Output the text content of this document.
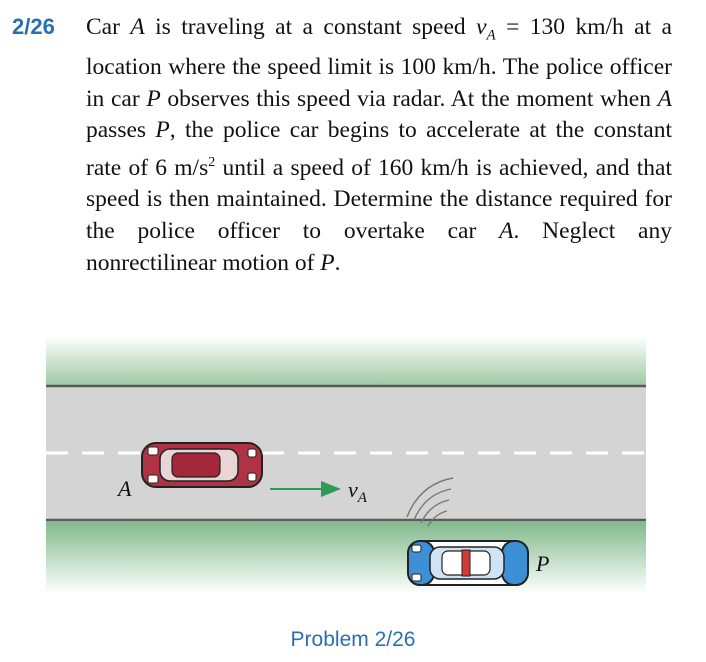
2/26 Car A is traveling at a constant speed $v_A = 130$ km/h at a location where the speed limit is 100 km/h. The police officer in car P observes this speed via radar. At the moment when A passes P, the police car begins to accelerate at the constant rate of 6 $m/s^2$ until a speed of 160 km/h is achieved, and that speed is then maintained. Determine the distance required for the police officer to overtake car A. Neglect any nonrectilinear motion of P.
A	$v_A$
P
Problem 2/26
